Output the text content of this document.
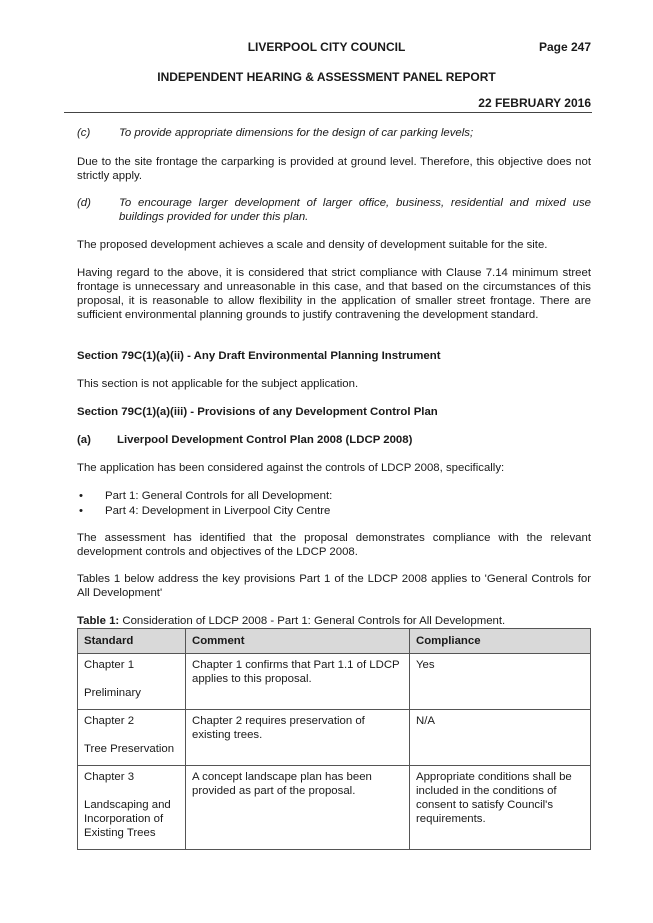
LIVERPOOL CITY COUNCIL	Page 247
INDEPENDENT HEARING & ASSESSMENT PANEL REPORT
22 FEBRUARY 2016
(c)	To provide appropriate dimensions for the design of car parking levels;
Due to the site frontage the carparking is provided at ground level. Therefore, this objective does not strictly apply.
(d) To encourage larger development of larger office, business, residential and mixed use buildings provided for under this plan.
The proposed development achieves a scale and density of development suitable for the site.
Having regard to the above, it is considered that strict compliance with Clause 7.14 minimum street frontage is unnecessary and unreasonable in this case, and that based on the circumstances of this proposal, it is reasonable to allow flexibility in the application of smaller street frontage. There are sufficient environmental planning grounds to justify contravening the development standard.
Section 79C(1)(a)(ii) - Any Draft Environmental Planning Instrument
This section is not applicable for the subject application.
Section 79C(1)(a)(iii) - Provisions of any Development Control Plan
(a) Liverpool Development Control Plan 2008 (LDCP 2008)
The application has been considered against the controls of LDCP 2008, specifically:
• Part 1: General Controls for all Development:
• Part 4: Development in Liverpool City Centre
The assessment has identified that the proposal demonstrates compliance with the relevant development controls and objectives of the LDCP 2008.
Tables 1 below address the key provisions Part 1 of the LDCP 2008 applies to 'General Controls for All Development'
Table 1: Consideration of LDCP 2008 - Part 1: General Controls for All Development.
Standard	Comment	Compliance
Chapter 1
Preliminary	Chapter 1 confirms that Part 1.1 of LDCP applies to this proposal.	Yes
Chapter 2
Tree Preservation	Chapter 2 requires preservation of existing trees.	N/A
Chapter 3
Landscaping and Incorporation of Existing Trees	A concept landscape plan has been provided as part of the proposal.	Appropriate conditions shall be included in the conditions of consent to satisfy Council's requirements.
